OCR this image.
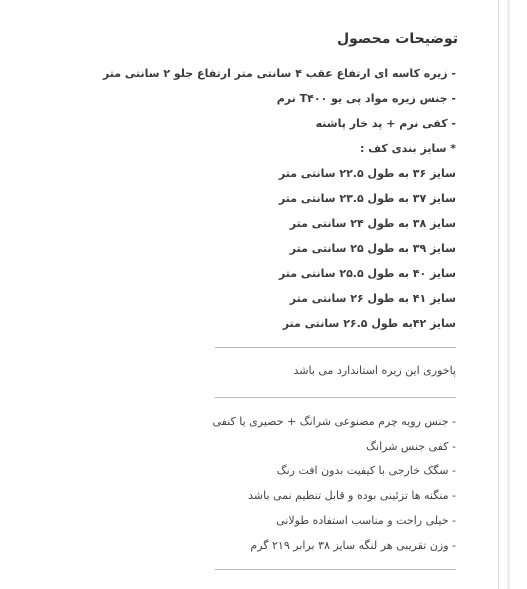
توضیحات محصول
- زیره کاسه ای ارتفاع عقب ۴ سانتی متر ارتفاع جلو ۲ سانتی متر
- جنس زیره مواد پی یو T۴۰۰ نرم
- کفی نرم + پد خار پاشنه
* سایز بندی کف :
سایز ۳۶ به طول ۲۲.۵ سانتی متر
سایز ۳۷ به طول ۲۳.۵ سانتی متر
سایز ۳۸ به طول ۲۴ سانتی متر
سایز ۳۹ به طول ۲۵ سانتی متر
سایز ۴۰ به طول ۲۵.۵ سانتی متر
سایز ۴۱ به طول ۲۶ سانتی متر
سایز ۴۲به طول ۲۶.۵ سانتی متر
پاخوری این زیره استاندارد می باشد
- جنس رویه چرم مصنوعی شرانگ + حصیری یا کنفی
- کفی جنس شرانگ
- سگک خارجی با کیفیت بدون افت رنگ
- منگنه ها تزئینی بوده و قابل تنظیم نمی باشد
- خیلی راحت و مناسب استفاده طولانی
- وزن تقریبی هر لنگه سایز ۳۸ برابر ۲۱۹ گرم
